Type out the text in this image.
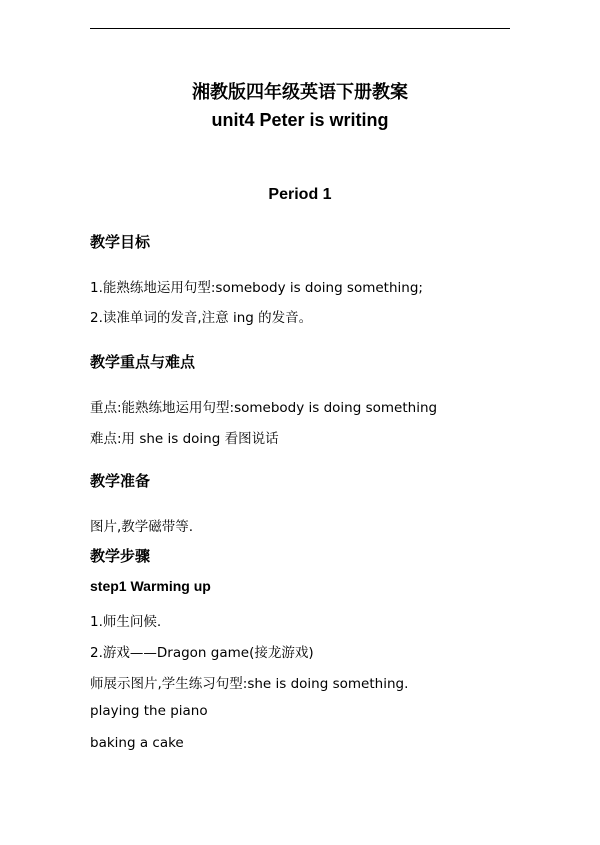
湘教版四年级英语下册教案
unit4 Peter is writing
Period 1
教学目标
1.能熟练地运用句型:somebody is doing something;
2.读准单词的发音,注意 ing 的发音。
教学重点与难点
重点:能熟练地运用句型:somebody is doing something
难点:用 she is doing 看图说话
教学准备
图片,教学磁带等.
教学步骤
step1 Warming up
1.师生问候.
2.游戏——Dragon game(接龙游戏)
师展示图片,学生练习句型:she is doing something.
playing the piano
baking a cake
